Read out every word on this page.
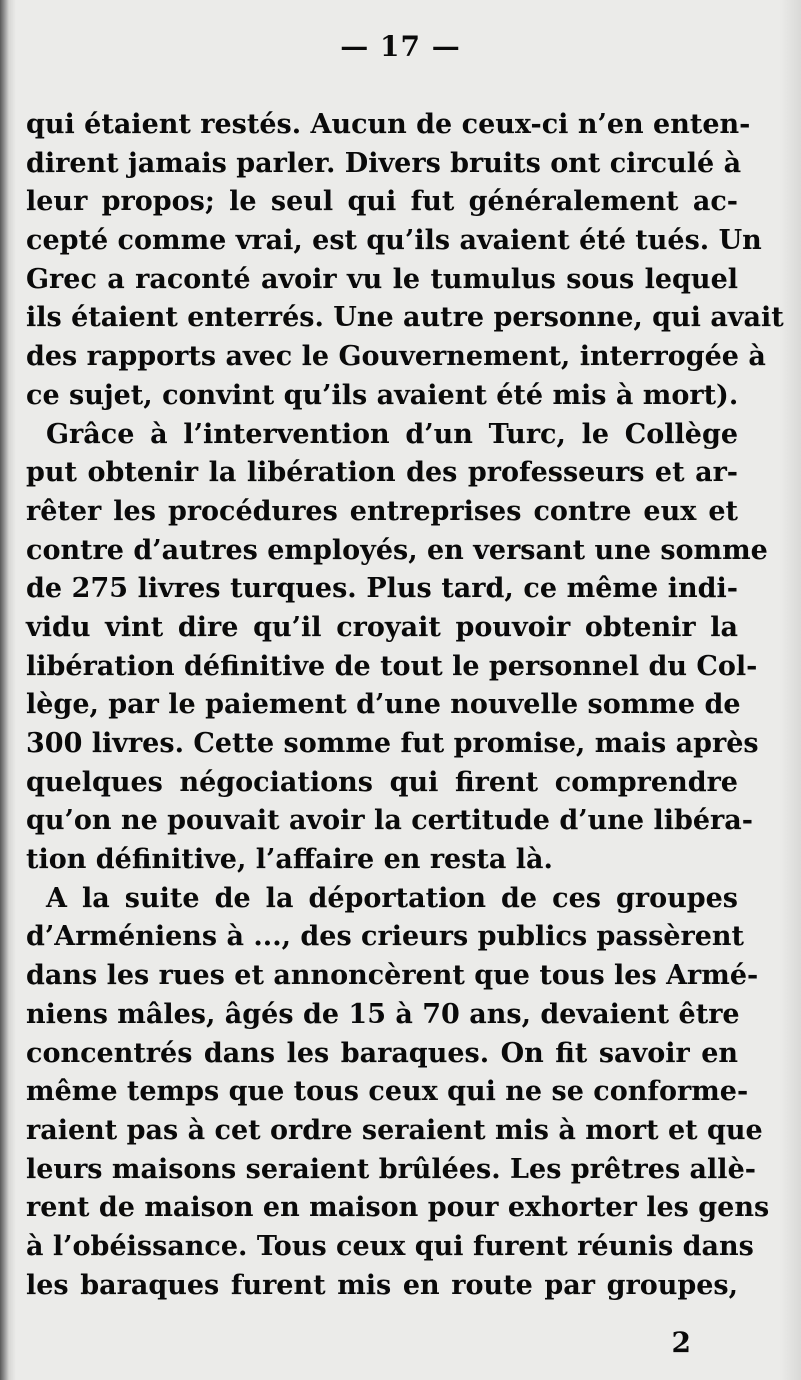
— 17 —
qui étaient restés. Aucun de ceux-ci n’en enten-
dirent jamais parler. Divers bruits ont circulé à
leur propos; le seul qui fut généralement ac-
cepté comme vrai, est qu’ils avaient été tués. Un
Grec a raconté avoir vu le tumulus sous lequel
ils étaient enterrés. Une autre personne, qui avait
des rapports avec le Gouvernement, interrogée à
ce sujet, convint qu’ils avaient été mis à mort).
Grâce à l’intervention d’un Turc, le Collège
put obtenir la libération des professeurs et ar-
rêter les procédures entreprises contre eux et
contre d’autres employés, en versant une somme
de 275 livres turques. Plus tard, ce même indi-
vidu vint dire qu’il croyait pouvoir obtenir la
libération définitive de tout le personnel du Col-
lège, par le paiement d’une nouvelle somme de
300 livres. Cette somme fut promise, mais après
quelques négociations qui firent comprendre
qu’on ne pouvait avoir la certitude d’une libéra-
tion définitive, l’affaire en resta là.
A la suite de la déportation de ces groupes
d’Arméniens à ..., des crieurs publics passèrent
dans les rues et annoncèrent que tous les Armé-
niens mâles, âgés de 15 à 70 ans, devaient être
concentrés dans les baraques. On fit savoir en
même temps que tous ceux qui ne se conforme-
raient pas à cet ordre seraient mis à mort et que
leurs maisons seraient brûlées. Les prêtres allè-
rent de maison en maison pour exhorter les gens
à l’obéissance. Tous ceux qui furent réunis dans
les baraques furent mis en route par groupes,
2
